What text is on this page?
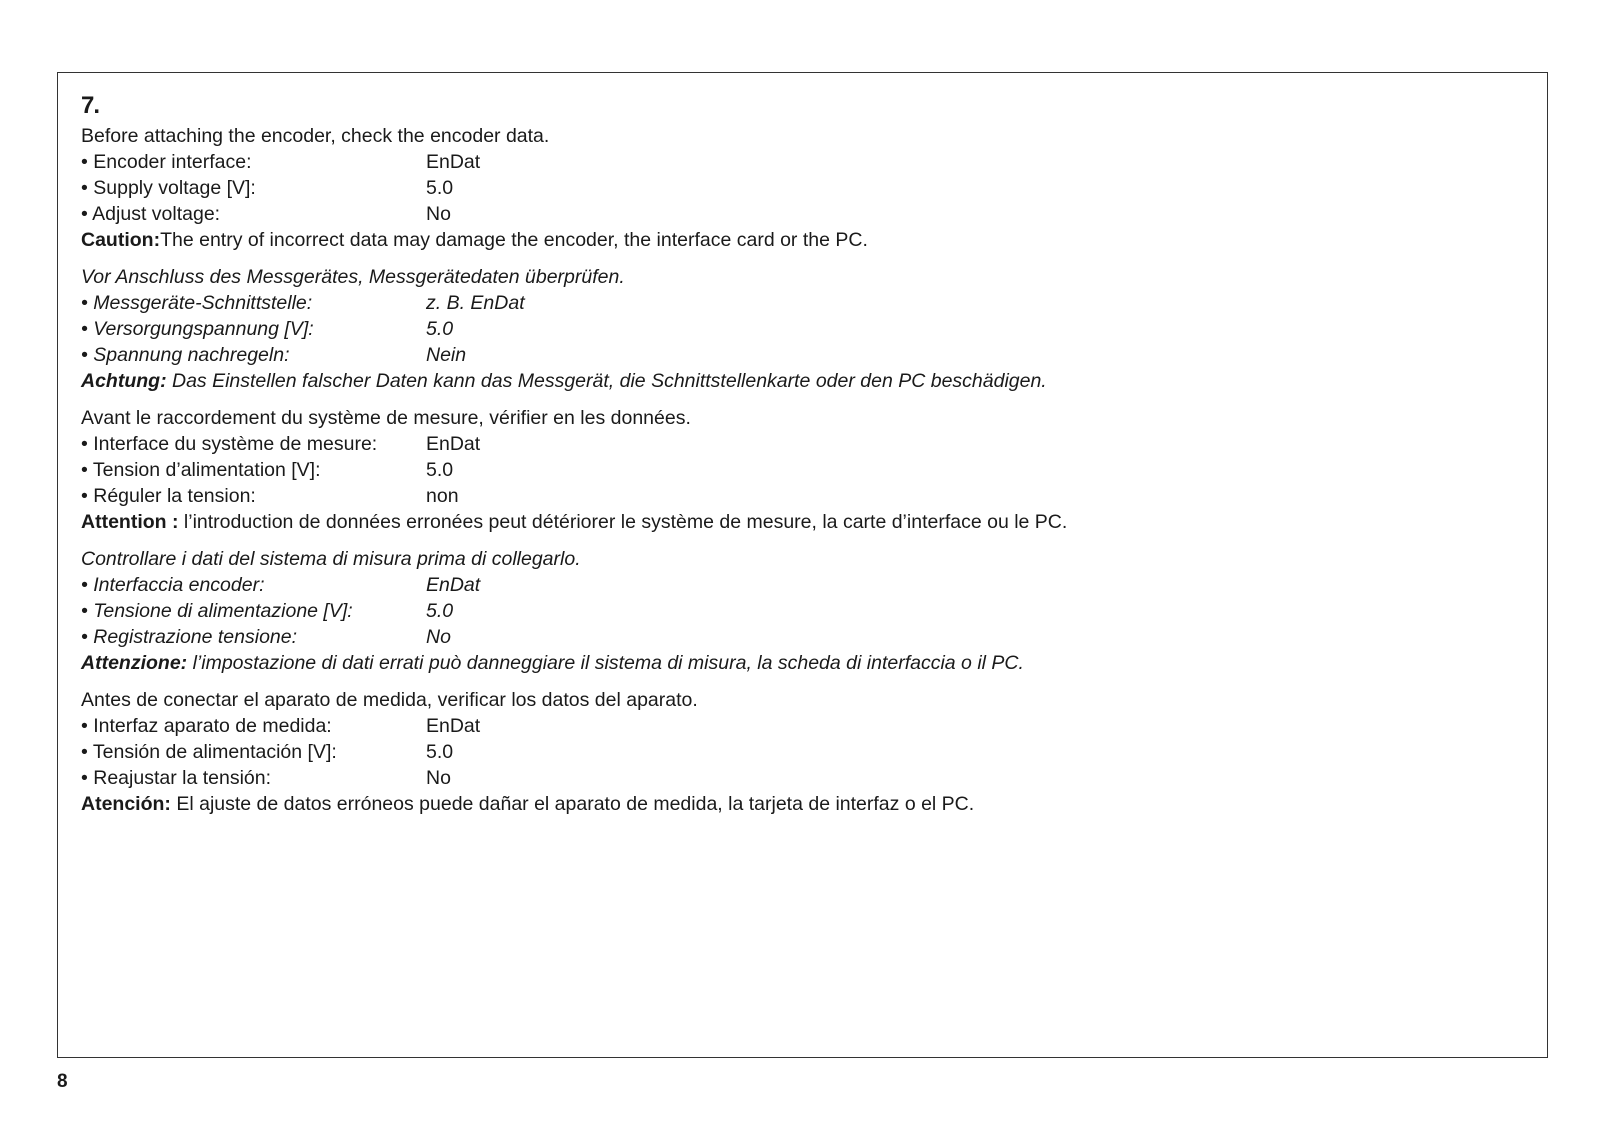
7.
Before attaching the encoder, check the encoder data.
• Encoder interface:	EnDat
• Supply voltage [V]:	5.0
• Adjust voltage:	No
Caution:The entry of incorrect data may damage the encoder, the interface card or the PC.
Vor Anschluss des Messgerätes, Messgerätedaten überprüfen.
• Messgeräte-Schnittstelle:	z. B. EnDat
• Versorgungspannung [V]:	5.0
• Spannung nachregeln:	Nein
Achtung: Das Einstellen falscher Daten kann das Messgerät, die Schnittstellenkarte oder den PC beschädigen.
Avant le raccordement du système de mesure, vérifier en les données.
• Interface du système de mesure:	EnDat
• Tension d’alimentation [V]:	5.0
• Réguler la tension:	non
Attention : l’introduction de données erronées peut détériorer le système de mesure, la carte d’interface ou le PC.
Controllare i dati del sistema di misura prima di collegarlo.
• Interfaccia encoder:	EnDat
• Tensione di alimentazione [V]:	5.0
• Registrazione tensione:	No
Attenzione: l’impostazione di dati errati può danneggiare il sistema di misura, la scheda di interfaccia o il PC.
Antes de conectar el aparato de medida, verificar los datos del aparato.
• Interfaz aparato de medida:	EnDat
• Tensión de alimentación [V]:	5.0
• Reajustar la tensión:	No
Atención: El ajuste de datos erróneos puede dañar el aparato de medida, la tarjeta de interfaz o el PC.
8
